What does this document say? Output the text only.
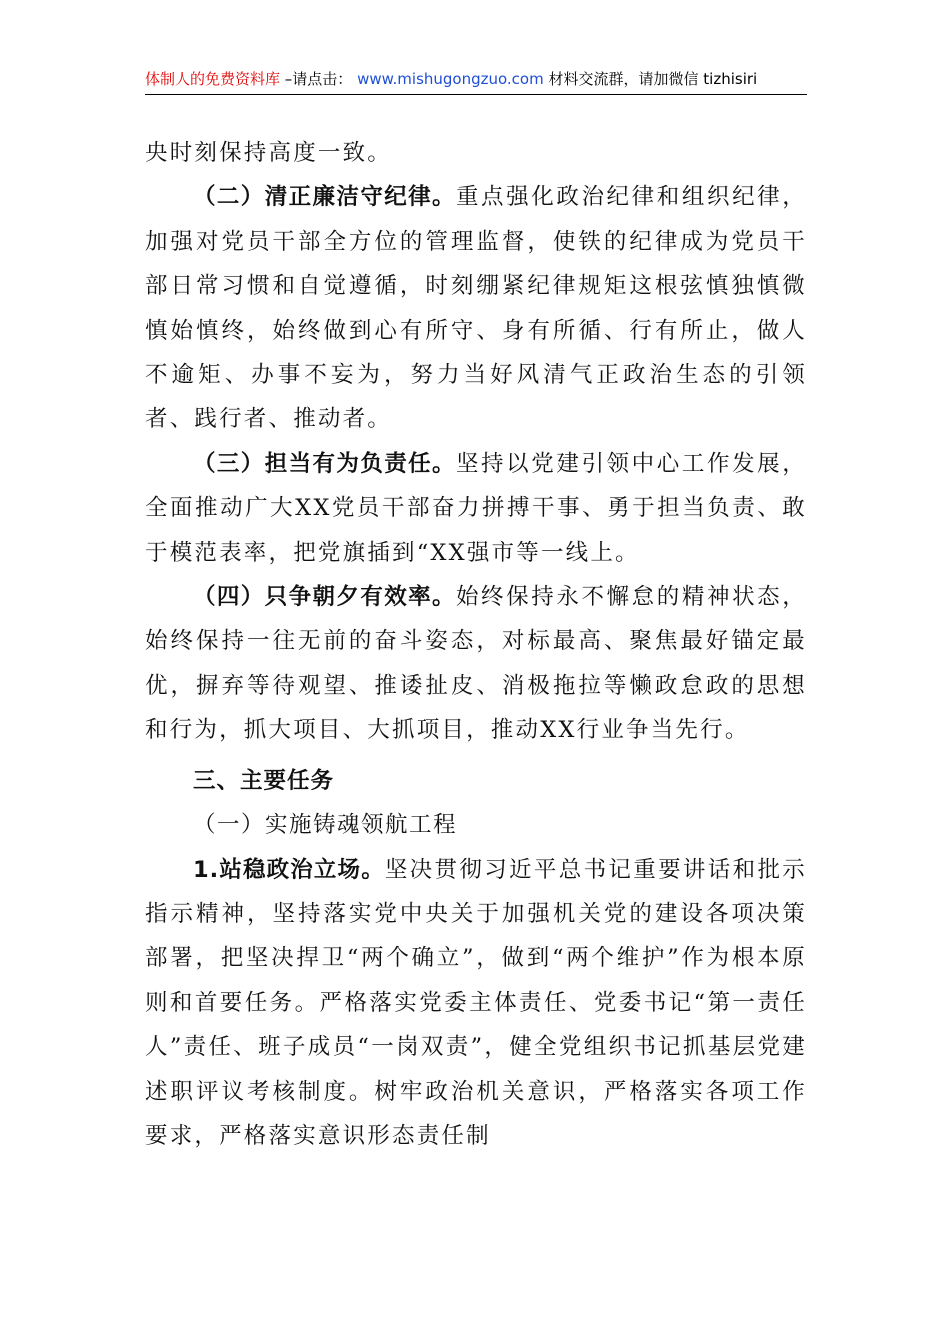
体制人的免费资料库 –请点击： www.mishugongzuo.com 材料交流群，请加微信 tizhisiri

央时刻保持高度一致。

（二）清正廉洁守纪律。重点强化政治纪律和组织纪律，加强对党员干部全方位的管理监督，使铁的纪律成为党员干部日常习惯和自觉遵循，时刻绷紧纪律规矩这根弦慎独慎微慎始慎终，始终做到心有所守、身有所循、行有所止，做人不逾矩、办事不妄为，努力当好风清气正政治生态的引领者、践行者、推动者。

（三）担当有为负责任。坚持以党建引领中心工作发展，全面推动广大XX党员干部奋力拼搏干事、勇于担当负责、敢于模范表率，把党旗插到“XX强市等一线上。

（四）只争朝夕有效率。始终保持永不懈怠的精神状态，始终保持一往无前的奋斗姿态，对标最高、聚焦最好锚定最优，摒弃等待观望、推诿扯皮、消极拖拉等懒政怠政的思想和行为，抓大项目、大抓项目，推动XX行业争当先行。

三、主要任务

（一）实施铸魂领航工程

1.站稳政治立场。坚决贯彻习近平总书记重要讲话和批示指示精神，坚持落实党中央关于加强机关党的建设各项决策部署，把坚决捍卫“两个确立”，做到“两个维护”作为根本原则和首要任务。严格落实党委主体责任、党委书记“第一责任人”责任、班子成员“一岗双责”，健全党组织书记抓基层党建述职评议考核制度。树牢政治机关意识，严格落实各项工作要求，严格落实意识形态责任制
